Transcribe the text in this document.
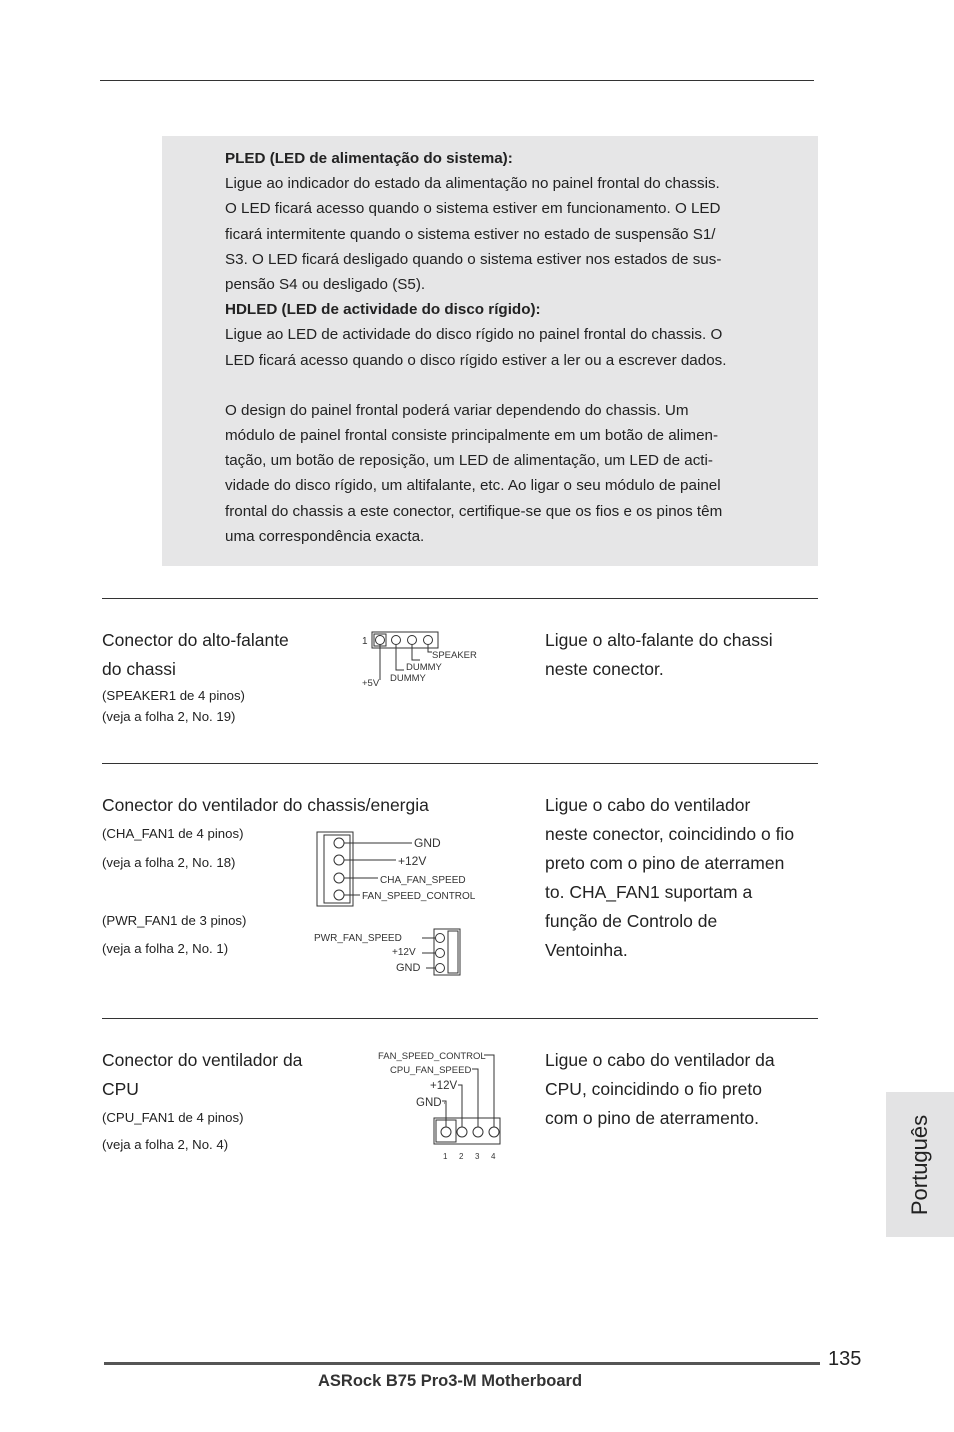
PLED (LED de alimentação do sistema):

Ligue ao indicador do estado da alimentação no painel frontal do chassis.

O LED ficará acesso quando o sistema estiver em funcionamento. O LED

ficará intermitente quando o sistema estiver no estado de suspensão S1/

S3. O LED ficará desligado quando o sistema estiver nos estados de sus-

pensão S4 ou desligado (S5).

HDLED (LED de actividade do disco rígido):

Ligue ao LED de actividade do disco rígido no painel frontal do chassis. O

LED ficará acesso quando o disco rígido estiver a ler ou a escrever dados.

O design do painel frontal poderá variar dependendo do chassis. Um

módulo de painel frontal consiste principalmente em um botão de alimen-

tação, um botão de reposição, um LED de alimentação, um LED de acti-

vidade do disco rígido, um altifalante, etc. Ao ligar o seu módulo de painel

frontal do chassis a este conector, certifique-se que os fios e os pinos têm

uma correspondência exacta.

Conector do alto-falante
do chassi
(SPEAKER1 de 4 pinos)
(veja a folha 2, No. 19)
Ligue o alto-falante do chassi
neste conector.
1
SPEAKER
DUMMY
+5V DUMMY
Conector do ventilador do chassis/energia
(CHA_FAN1 de 4 pinos)
(veja a folha 2, No. 18)
(PWR_FAN1 de 3 pinos)
(veja a folha 2, No. 1)
Ligue o cabo do ventilador
neste conector, coincidindo o fio
preto com o pino de aterramen
to. CHA_FAN1 suportam a
função de Controlo de
Ventoinha.
GND
+12V
CHA_FAN_SPEED
FAN_SPEED_CONTROL
PWR_FAN_SPEED
+12V
GND
Conector do ventilador da
CPU
(CPU_FAN1 de 4 pinos)
(veja a folha 2, No. 4)
Ligue o cabo do ventilador da
CPU, coincidindo o fio preto
com o pino de aterramento.
FAN_SPEED_CONTROL
CPU_FAN_SPEED
+12V
GND
1 2 3 4	Português
135
ASRock B75 Pro3-M Motherboard
